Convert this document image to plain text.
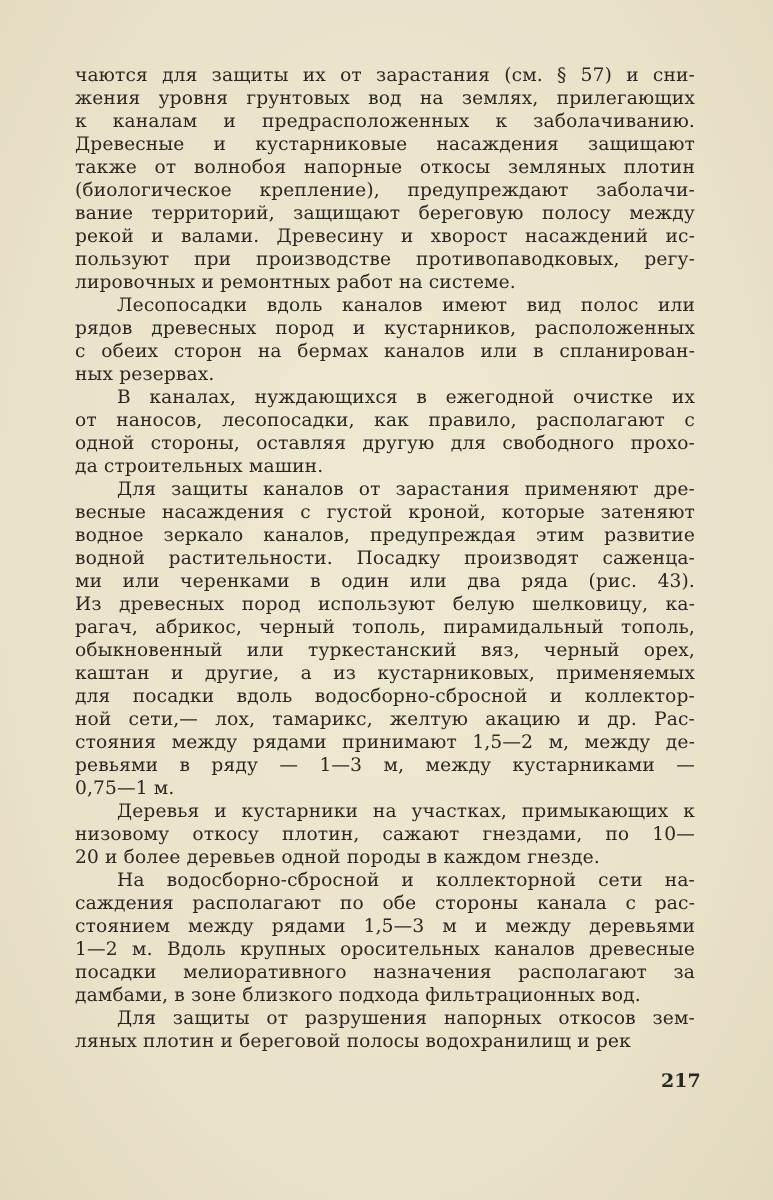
чаются для защиты их от зарастания (см. § 57) и сни-
жения уровня грунтовых вод на землях, прилегающих
к каналам и предрасположенных к заболачиванию.
Древесные и кустарниковые насаждения защищают
также от волнобоя напорные откосы земляных плотин
(биологическое крепление), предупреждают заболачи-
вание территорий, защищают береговую полосу между
рекой и валами. Древесину и хворост насаждений ис-
пользуют при производстве противопаводковых, регу-
лировочных и ремонтных работ на системе.
Лесопосадки вдоль каналов имеют вид полос или
рядов древесных пород и кустарников, расположенных
с обеих сторон на бермах каналов или в спланирован-
ных резервах.
В каналах, нуждающихся в ежегодной очистке их
от наносов, лесопосадки, как правило, располагают с
одной стороны, оставляя другую для свободного прохо-
да строительных машин.
Для защиты каналов от зарастания применяют дре-
весные насаждения с густой кроной, которые затеняют
водное зеркало каналов, предупреждая этим развитие
водной растительности. Посадку производят саженца-
ми или черенками в один или два ряда (рис. 43).
Из древесных пород используют белую шелковицу, ка-
рагач, абрикос, черный тополь, пирамидальный тополь,
обыкновенный или туркестанский вяз, черный орех,
каштан и другие, а из кустарниковых, применяемых
для посадки вдоль водосборно-сбросной и коллектор-
ной сети,— лох, тамарикс, желтую акацию и др. Рас-
стояния между рядами принимают 1,5—2 м, между де-
ревьями в ряду — 1—3 м, между кустарниками —
0,75—1 м.
Деревья и кустарники на участках, примыкающих к
низовому откосу плотин, сажают гнездами, по 10—
20 и более деревьев одной породы в каждом гнезде.
На водосборно-сбросной и коллекторной сети на-
саждения располагают по обе стороны канала с рас-
стоянием между рядами 1,5—3 м и между деревьями
1—2 м. Вдоль крупных оросительных каналов древесные
посадки мелиоративного назначения располагают за
дамбами, в зоне близкого подхода фильтрационных вод.
Для защиты от разрушения напорных откосов зем-
ляных плотин и береговой полосы водохранилищ и рек
217
